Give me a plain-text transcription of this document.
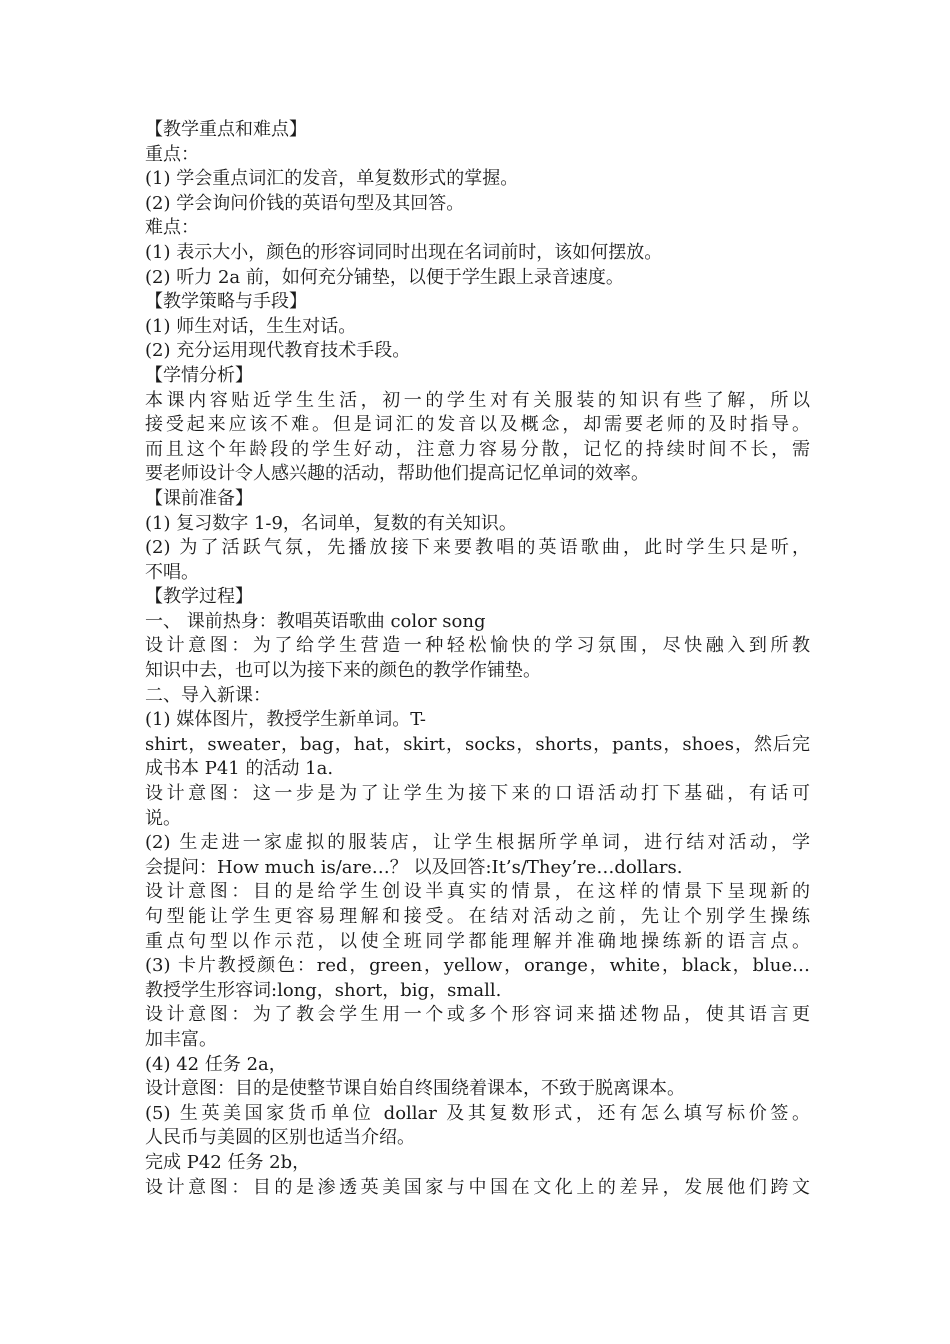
【教学重点和难点】
重点：
(1) 学会重点词汇的发音，单复数形式的掌握。
(2) 学会询问价钱的英语句型及其回答。
难点：
(1) 表示大小，颜色的形容词同时出现在名词前时，该如何摆放。
(2) 听力 2a 前，如何充分铺垫，以便于学生跟上录音速度。
【教学策略与手段】
(1) 师生对话，生生对话。
(2) 充分运用现代教育技术手段。
【学情分析】
本课内容贴近学生生活，初一的学生对有关服装的知识有些了解，所以
接受起来应该不难。但是词汇的发音以及概念，却需要老师的及时指导。
而且这个年龄段的学生好动，注意力容易分散，记忆的持续时间不长，需
要老师设计令人感兴趣的活动，帮助他们提高记忆单词的效率。
【课前准备】
(1) 复习数字 1-9，名词单，复数的有关知识。
(2) 为了活跃气氛，先播放接下来要教唱的英语歌曲，此时学生只是听，
不唱。
【教学过程】
一、 课前热身：教唱英语歌曲 color song
设计意图：为了给学生营造一种轻松愉快的学习氛围，尽快融入到所教
知识中去，也可以为接下来的颜色的教学作铺垫。
二、导入新课：
(1) 媒体图片，教授学生新单词。T-
shirt，sweater，bag，hat，skirt，socks，shorts，pants，shoes，然后完
成书本 P41 的活动 1a.
设计意图：这一步是为了让学生为接下来的口语活动打下基础，有话可
说。
(2) 生走进一家虚拟的服装店，让学生根据所学单词，进行结对活动，学
会提问：How much is/are…？ 以及回答:It’s/They’re…dollars.
设计意图：目的是给学生创设半真实的情景，在这样的情景下呈现新的
句型能让学生更容易理解和接受。在结对活动之前，先让个别学生操练
重点句型以作示范，以使全班同学都能理解并准确地操练新的语言点。
(3) 卡片教授颜色：red，green，yellow，orange，white，black，blue…
教授学生形容词:long，short，big，small.
设计意图：为了教会学生用一个或多个形容词来描述物品，使其语言更
加丰富。
(4) 42 任务 2a，
设计意图：目的是使整节课自始自终围绕着课本，不致于脱离课本。
(5) 生英美国家货币单位 dollar 及其复数形式，还有怎么填写标价签。
人民币与美圆的区别也适当介绍。
完成 P42 任务 2b，
设计意图：目的是渗透英美国家与中国在文化上的差异，发展他们跨文
